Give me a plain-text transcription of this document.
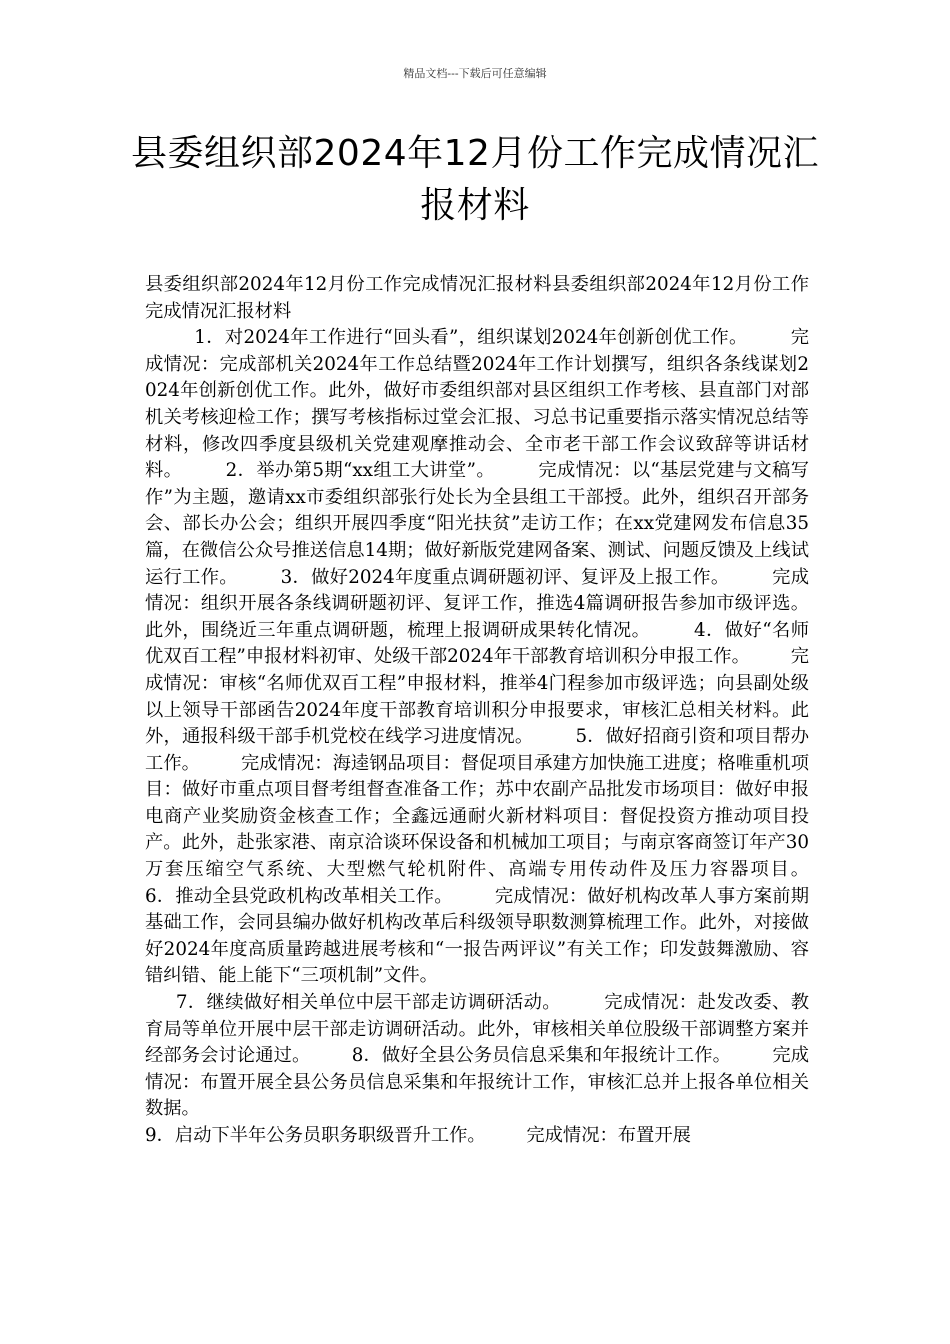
精品文档---下载后可任意编辑
县委组织部2024年12月份工作完成情况汇报材料

县委组织部2024年12月份工作完成情况汇报材料县委组织部2024年12月份工作完成情况汇报材料

1．对2024年工作进行“回头看”，组织谋划2024年创新创优工作。       完成情况：完成部机关2024年工作总结暨2024年工作计划撰写，组织各条线谋划2024年创新创优工作。此外，做好市委组织部对县区组织工作考核、县直部门对部机关考核迎检工作；撰写考核指标过堂会汇报、习总书记重要指示落实情况总结等材料，修改四季度县级机关党建观摩推动会、全市老干部工作会议致辞等讲话材料。       2．举办第5期“xx组工大讲堂”。       完成情况：以“基层党建与文稿写作”为主题，邀请xx市委组织部张行处长为全县组工干部授。此外，组织召开部务会、部长办公会；组织开展四季度“阳光扶贫”走访工作；在xx党建网发布信息35篇，在微信公众号推送信息14期；做好新版党建网备案、测试、问题反馈及上线试运行工作。       3．做好2024年度重点调研题初评、复评及上报工作。       完成情况：组织开展各条线调研题初评、复评工作，推选4篇调研报告参加市级评选。此外，围绕近三年重点调研题，梳理上报调研成果转化情况。       4．做好“名师优双百工程”申报材料初审、处级干部2024年干部教育培训积分申报工作。       完成情况：审核“名师优双百工程”申报材料，推举4门程参加市级评选；向县副处级以上领导干部函告2024年度干部教育培训积分申报要求，审核汇总相关材料。此外，通报科级干部手机党校在线学习进度情况。       5．做好招商引资和项目帮办工作。       完成情况：海逵钢品项目：督促项目承建方加快施工进度；格唯重机项目：做好市重点项目督考组督查准备工作；苏中农副产品批发市场项目：做好申报电商产业奖励资金核查工作；全鑫远通耐火新材料项目：督促投资方推动项目投产。此外，赴张家港、南京洽谈环保设备和机械加工项目；与南京客商签订年产30万套压缩空气系统、大型燃气轮机附件、高端专用传动件及压力容器项目。       6．推动全县党政机构改革相关工作。       完成情况：做好机构改革人事方案前期基础工作，会同县编办做好机构改革后科级领导职数测算梳理工作。此外，对接做好2024年度高质量跨越进展考核和“一报告两评议”有关工作；印发鼓舞激励、容错纠错、能上能下“三项机制”文件。

7．继续做好相关单位中层干部走访调研活动。       完成情况：赴发改委、教育局等单位开展中层干部走访调研活动。此外，审核相关单位股级干部调整方案并经部务会讨论通过。       8．做好全县公务员信息采集和年报统计工作。       完成情况：布置开展全县公务员信息采集和年报统计工作，审核汇总并上报各单位相关数据。

9．启动下半年公务员职务职级晋升工作。       完成情况：布置开展
